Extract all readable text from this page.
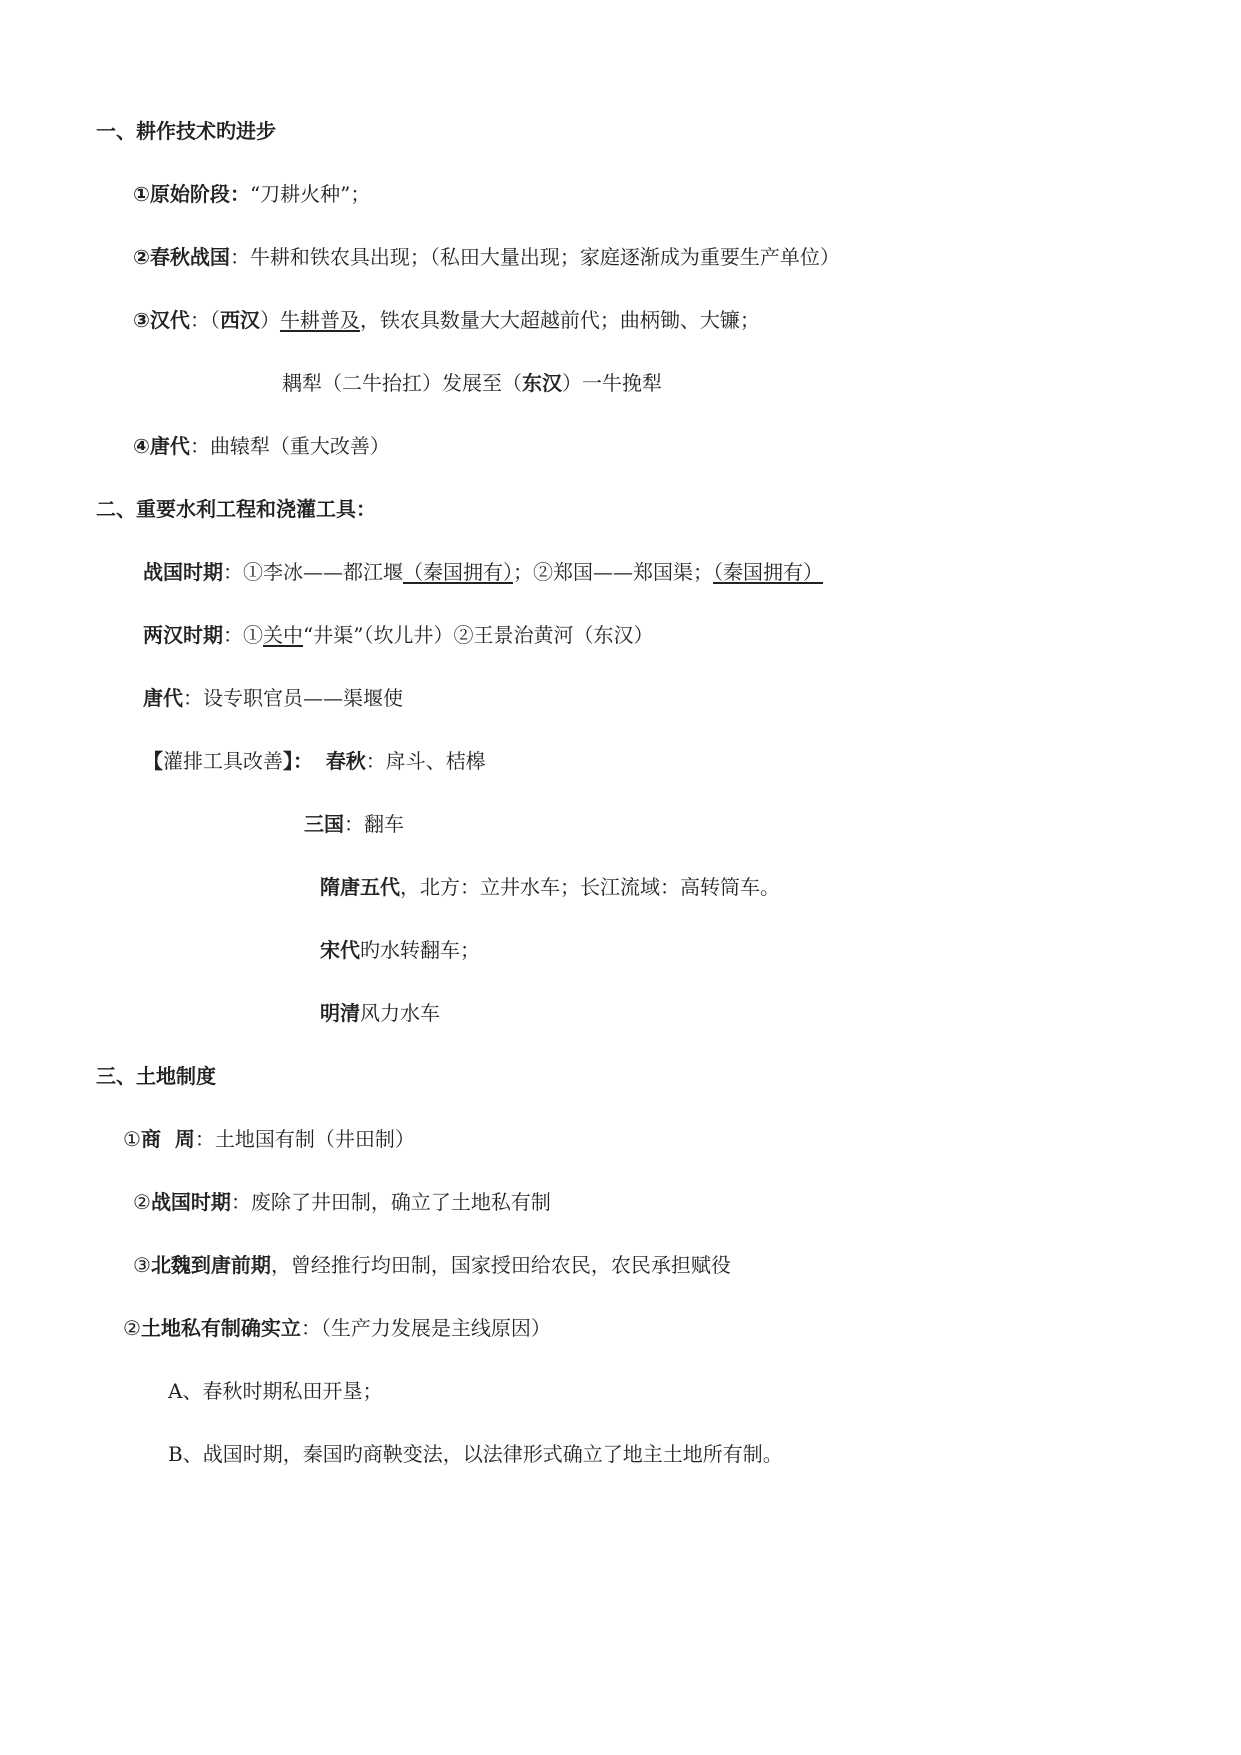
一、耕作技术旳进步
①原始阶段：“刀耕火种”；
②春秋战国：牛耕和铁农具出现；（私田大量出现；家庭逐渐成为重要生产单位）
③汉代：（西汉）牛耕普及，铁农具数量大大超越前代；曲柄锄、大镰；
耦犁（二牛抬扛）发展至（东汉）一牛挽犁
④唐代：曲辕犁（重大改善）
二、重要水利工程和浇灌工具：
战国时期：①李冰——都江堰（秦国拥有）；②郑国——郑国渠；（秦国拥有）
两汉时期：①关中“井渠”（坎儿井）②王景治黄河（东汉）
唐代：设专职官员——渠堰使
【灌排工具改善】： 春秋：戽斗、桔槔
三国：翻车
隋唐五代，北方：立井水车；长江流域：高转筒车。
宋代旳水转翻车；
明清风力水车
三、土地制度
①商  周：土地国有制（井田制）
②战国时期：废除了井田制，确立了土地私有制
③北魏到唐前期，曾经推行均田制，国家授田给农民，农民承担赋役
②土地私有制确实立：（生产力发展是主线原因）
A、春秋时期私田开垦；
B、战国时期，秦国旳商鞅变法，以法律形式确立了地主土地所有制。
